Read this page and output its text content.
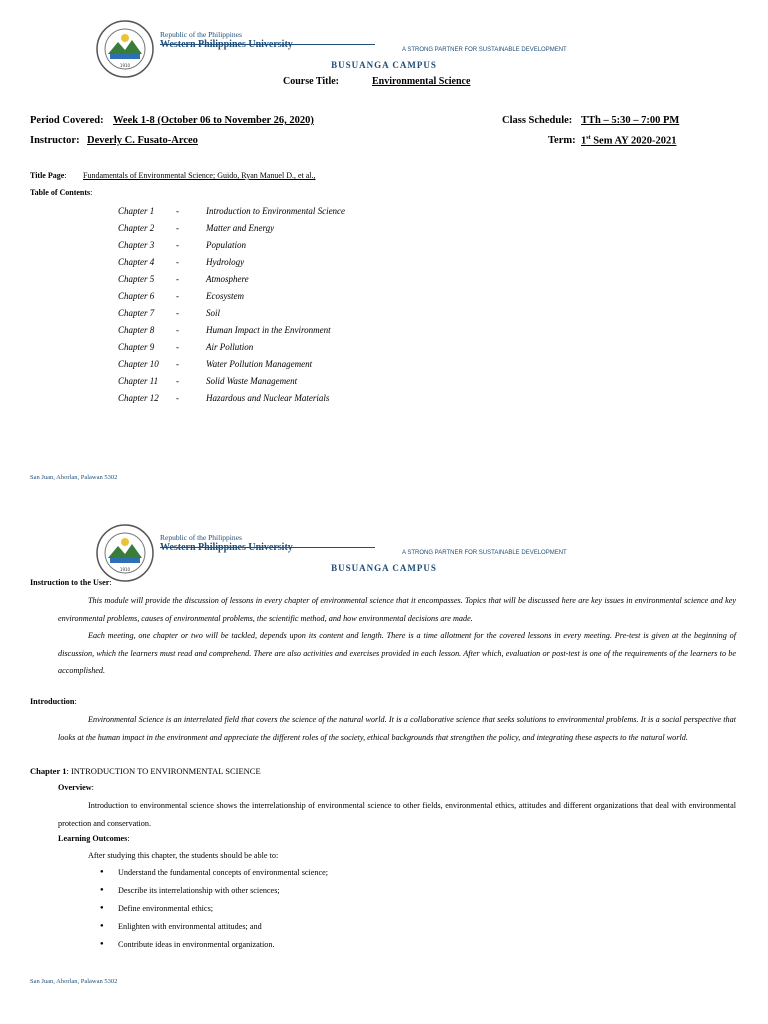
1910
Republic of the Philippines
A STRONG PARTNER FOR SUSTAINABLE DEVELOPMENT
BUSUANGA CAMPUS
Course Title:	Environmental Science
Period Covered: Week 1-8 (October 06 to November 26, 2020)	Class Schedule: TTh – 5:30 – 7:00 PM
Instructor: Deverly C. Fusato-Arceo	Term: 1st Sem AY 2020-2021
Title Page: Fundamentals of Environmental Science; Guido, Ryan Manuel D., et al.,
Table of Contents:
Chapter 1	-	Introduction to Environmental Science
Chapter 2	-	Matter and Energy
Chapter 3	-	Population
Chapter 4	-	Hydrology
Chapter 5	-	Atmosphere
Chapter 6	-	Ecosystem
Chapter 7	-	Soil
Chapter 8	-	Human Impact in the Environment
Chapter 9	-	Air Pollution
Chapter 10	-	Water Pollution Management
Chapter 11	-	Solid Waste Management
Chapter 12	-	Hazardous and Nuclear Materials
San Juan, Aborlan, Palawan 5302
1910
Republic of the Philippines
A STRONG PARTNER FOR SUSTAINABLE DEVELOPMENT
BUSUANGA CAMPUS
Instruction to the User:
This module will provide the discussion of lessons in every chapter of environmental science that it encompasses. Topics that will be discussed here are key issues in environmental science and key environmental problems, causes of environmental problems, the scientific method, and how environmental decisions are made.
Each meeting, one chapter or two will be tackled, depends upon its content and length. There is a time allotment for the covered lessons in every meeting. Pre-test is given at the beginning of discussion, which the learners must read and comprehend. There are also activities and exercises provided in each lesson. After which, evaluation or post-test is one of the requirements of the learners to be accomplished.
Introduction:
Environmental Science is an interrelated field that covers the science of the natural world. It is a collaborative science that seeks solutions to environmental problems. It is a social perspective that looks at the human impact in the environment and appreciate the different roles of the society, ethical backgrounds that strengthen the policy, and integrating these aspects to the natural world.
Chapter 1: INTRODUCTION TO ENVIRONMENTAL SCIENCE
Overview:
Introduction to environmental science shows the interrelationship of environmental science to other fields, environmental ethics, attitudes and different organizations that deal with environmental protection and conservation.
Learning Outcomes:
After studying this chapter, the students should be able to:
● Understand the fundamental concepts of environmental science;
● Describe its interrelationship with other sciences;
● Define environmental ethics;
● Enlighten with environmental attitudes; and
● Contribute ideas in environmental organization.
San Juan, Aborlan, Palawan 5302
